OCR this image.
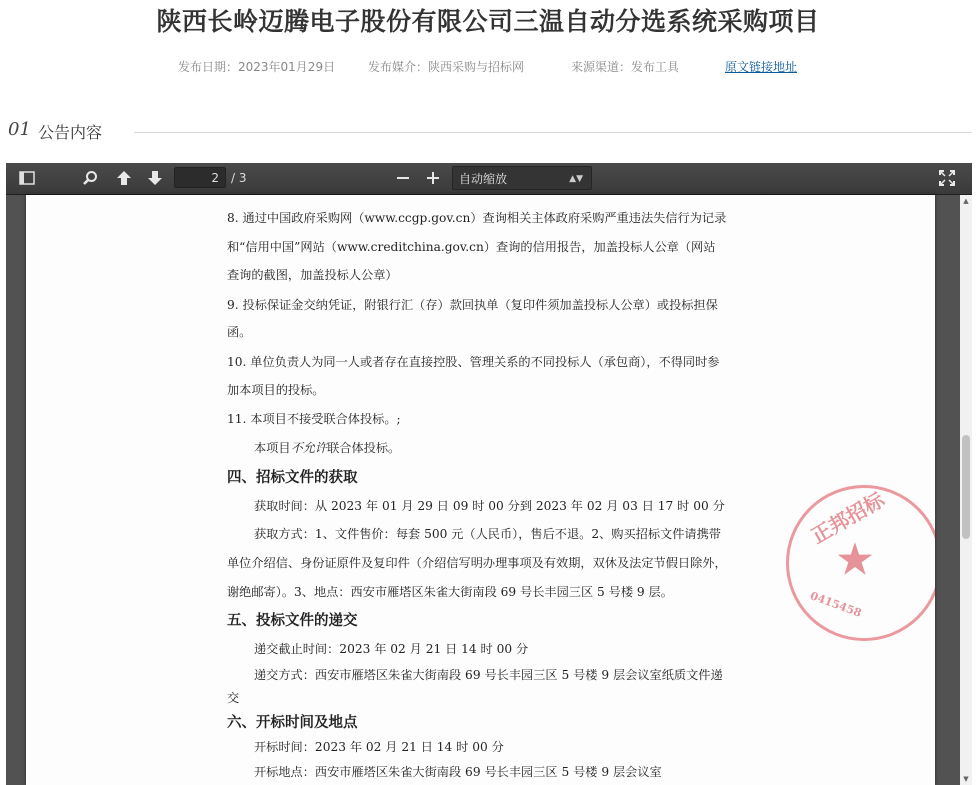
陕西长岭迈腾电子股份有限公司三温自动分选系统采购项目
发布日期：2023年01月29日	发布媒介：陕西采购与招标网	来源渠道：发布工具	原文链接地址
01 公告内容
2	/ 3	自动缩放	▲▼
8. 通过中国政府采购网（www.ccgp.gov.cn）查询相关主体政府采购严重违法失信行为记录
和“信用中国”网站（www.creditchina.gov.cn）查询的信用报告，加盖投标人公章（网站
查询的截图，加盖投标人公章）
9. 投标保证金交纳凭证，附银行汇（存）款回执单（复印件须加盖投标人公章）或投标担保
函。
10. 单位负责人为同一人或者存在直接控股、管理关系的不同投标人（承包商），不得同时参
加本项目的投标。
11. 本项目不接受联合体投标。;
本项目不允许联合体投标。
四、招标文件的获取
获取时间：从 2023 年 01 月 29 日 09 时 00 分到 2023 年 02 月 03 日 17 时 00 分
获取方式：1、文件售价：每套 500 元（人民币），售后不退。2、购买招标文件请携带
单位介绍信、身份证原件及复印件（介绍信写明办理事项及有效期，双休及法定节假日除外，
谢绝邮寄）。3、地点：西安市雁塔区朱雀大街南段 69 号长丰园三区 5 号楼 9 层。
五、投标文件的递交
递交截止时间：2023 年 02 月 21 日 14 时 00 分
递交方式：西安市雁塔区朱雀大街南段 69 号长丰园三区 5 号楼 9 层会议室纸质文件递
交
六、开标时间及地点
开标时间：2023 年 02 月 21 日 14 时 00 分
开标地点：西安市雁塔区朱雀大街南段 69 号长丰园三区 5 号楼 9 层会议室
正邦招标
★
0415458
▲
▼
